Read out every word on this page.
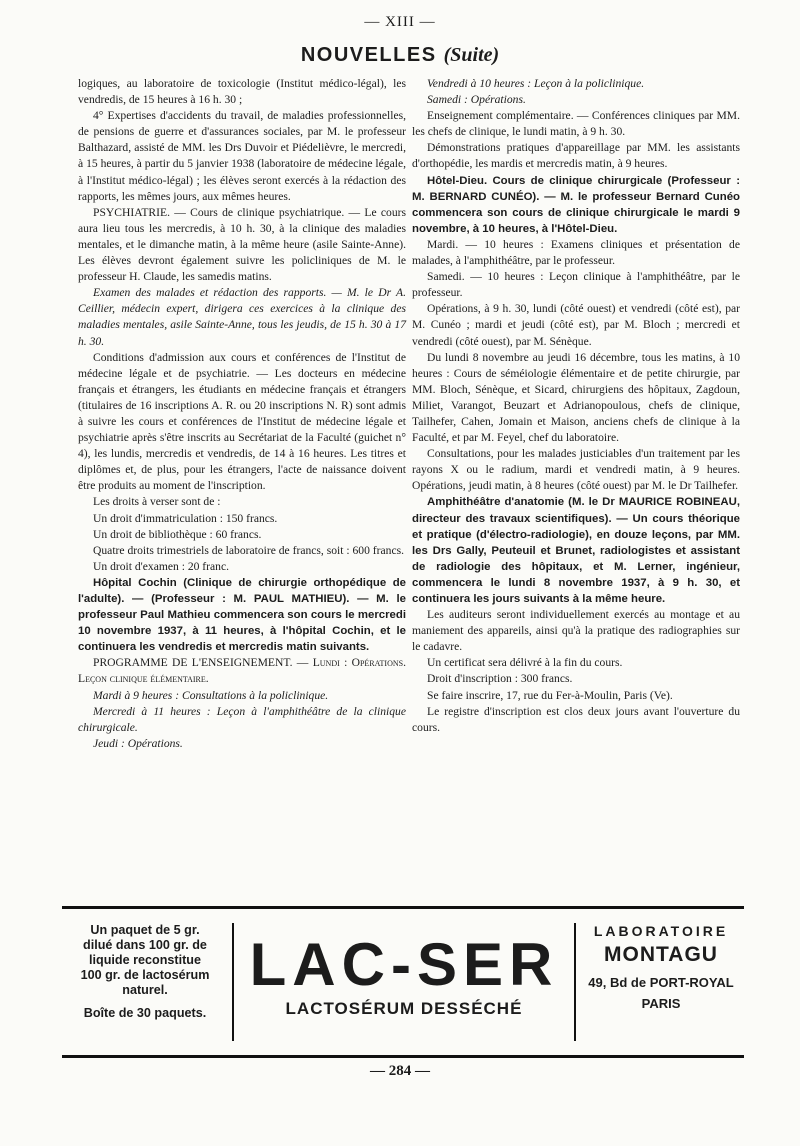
— XIII —
NOUVELLES (Suite)

logiques, au laboratoire de toxicologie (Institut médico-légal), les vendredis, de 15 heures à 16 h. 30 ;

4° Expertises d'accidents du travail, de maladies professionnelles, de pensions de guerre et d'assurances sociales, par M. le professeur Balthazard, assisté de MM. les Drs Duvoir et Piédelièvre, le mercredi, à 15 heures, à partir du 5 janvier 1938 (laboratoire de médecine légale, à l'Institut médico-légal) ; les élèves seront exercés à la rédaction des rapports, les mêmes jours, aux mêmes heures.

PSYCHIATRIE. — Cours de clinique psychiatrique. — Le cours aura lieu tous les mercredis, à 10 h. 30, à la clinique des maladies mentales, et le dimanche matin, à la même heure (asile Sainte-Anne). Les élèves devront également suivre les policliniques de M. le professeur H. Claude, les samedis matins.

Examen des malades et rédaction des rapports. — M. le Dr A. Ceillier, médecin expert, dirigera ces exercices à la clinique des maladies mentales, asile Sainte-Anne, tous les jeudis, de 15 h. 30 à 17 h. 30.

Conditions d'admission aux cours et conférences de l'Institut de médecine légale et de psychiatrie. — Les docteurs en médecine français et étrangers, les étudiants en médecine français et étrangers (titulaires de 16 inscriptions A. R. ou 20 inscriptions N. R) sont admis à suivre les cours et conférences de l'Institut de médecine légale et psychiatrie après s'être inscrits au Secrétariat de la Faculté (guichet n° 4), les lundis, mercredis et vendredis, de 14 à 16 heures. Les titres et diplômes et, de plus, pour les étrangers, l'acte de naissance doivent être produits au moment de l'inscription.

Les droits à verser sont de :

Un droit d'immatriculation : 150 francs.

Un droit de bibliothèque : 60 francs.

Quatre droits trimestriels de laboratoire de francs, soit : 600 francs.

Un droit d'examen : 20 franc.

Hôpital Cochin (Clinique de chirurgie orthopédique de l'adulte). — (Professeur : M. PAUL MATHIEU). — M. le professeur Paul Mathieu commencera son cours le mercredi 10 novembre 1937, à 11 heures, à l'hôpital Cochin, et le continuera les vendredis et mercredis matin suivants.

PROGRAMME DE L'ENSEIGNEMENT. — Lundi : Opérations. Leçon clinique élémentaire.

Mardi à 9 heures : Consultations à la policlinique.

Mercredi à 11 heures : Leçon à l'amphithéâtre de la clinique chirurgicale.

Jeudi : Opérations.

Vendredi à 10 heures : Leçon à la policlinique.

Samedi : Opérations.

Enseignement complémentaire. — Conférences cliniques par MM. les chefs de clinique, le lundi matin, à 9 h. 30.

Démonstrations pratiques d'appareillage par MM. les assistants d'orthopédie, les mardis et mercredis matin, à 9 heures.

Hôtel-Dieu. Cours de clinique chirurgicale (Professeur : M. BERNARD CUNÉO). — M. le professeur Bernard Cunéo commencera son cours de clinique chirurgicale le mardi 9 novembre, à 10 heures, à l'Hôtel-Dieu.

Mardi. — 10 heures : Examens cliniques et présentation de malades, à l'amphithéâtre, par le professeur.

Samedi. — 10 heures : Leçon clinique à l'amphithéâtre, par le professeur.

Opérations, à 9 h. 30, lundi (côté ouest) et vendredi (côté est), par M. Cunéo ; mardi et jeudi (côté est), par M. Bloch ; mercredi et vendredi (côté ouest), par M. Sénèque.

Du lundi 8 novembre au jeudi 16 décembre, tous les matins, à 10 heures : Cours de séméiologie élémentaire et de petite chirurgie, par MM. Bloch, Sénèque, et Sicard, chirurgiens des hôpitaux, Zagdoun, Miliet, Varangot, Beuzart et Adrianopoulous, chefs de clinique, Tailhefer, Cahen, Jomain et Maison, anciens chefs de clinique à la Faculté, et par M. Feyel, chef du laboratoire.

Consultations, pour les malades justiciables d'un traitement par les rayons X ou le radium, mardi et vendredi matin, à 9 heures. Opérations, jeudi matin, à 8 heures (côté ouest) par M. le Dr Tailhefer.

Amphithéâtre d'anatomie (M. le Dr MAURICE ROBINEAU, directeur des travaux scientifiques). — Un cours théorique et pratique (d'électro-radiologie), en douze leçons, par MM. les Drs Gally, Peuteuil et Brunet, radiologistes et assistant de radiologie des hôpitaux, et M. Lerner, ingénieur, commencera le lundi 8 novembre 1937, à 9 h. 30, et continuera les jours suivants à la même heure.

Les auditeurs seront individuellement exercés au montage et au maniement des appareils, ainsi qu'à la pratique des radiographies sur le cadavre.

Un certificat sera délivré à la fin du cours.

Droit d'inscription : 300 francs.

Se faire inscrire, 17, rue du Fer-à-Moulin, Paris (Ve).

Le registre d'inscription est clos deux jours avant l'ouverture du cours.

Un paquet de 5 gr.
dilué dans 100 gr. de
liquide reconstitue
100 gr. de lactosérum
naturel.
Boîte de 30 paquets.
LAC-SER
LACTOSÉRUM DESSÉCHÉ
LABORATOIRE
MONTAGU
49, Bd de PORT-ROYAL
PARIS
— 284 —
